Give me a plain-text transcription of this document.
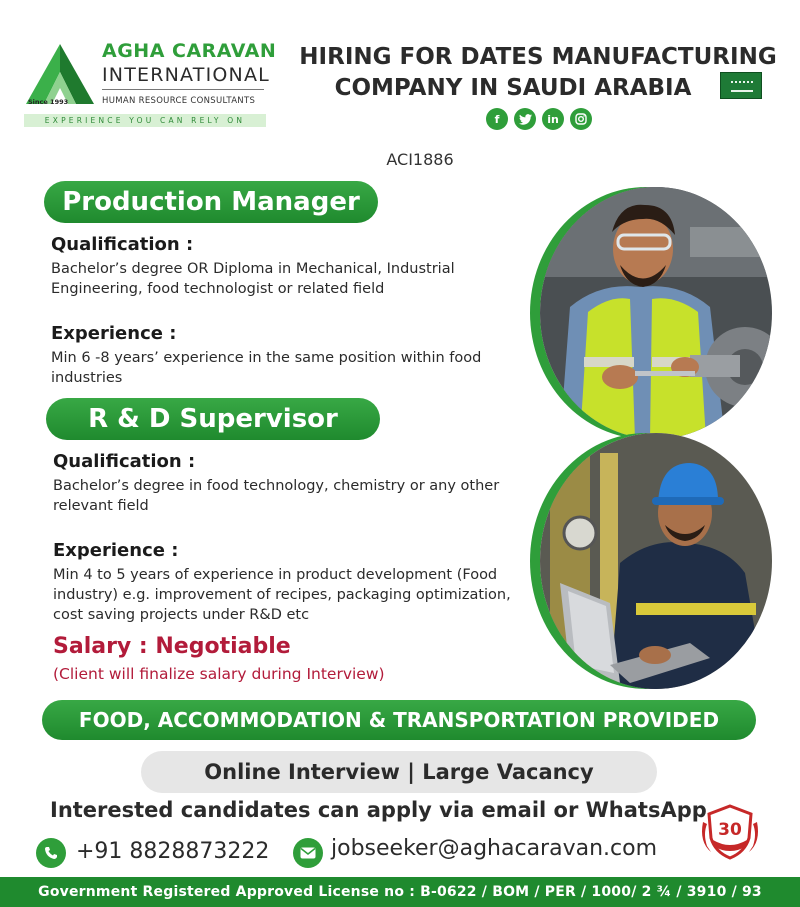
AGHA CARAVAN
INTERNATIONAL
HUMAN RESOURCE CONSULTANTS
Since 1993
EXPERIENCE YOU CAN RELY ON
HIRING FOR DATES MANUFACTURING
COMPANY IN SAUDI ARABIA
f	in
ACI1886
Production Manager
Qualification :
Bachelor’s degree OR Diploma in Mechanical, Industrial Engineering, food technologist or related field
Experience :
Min 6 -8 years’ experience in the same position within food industries
R & D Supervisor
Qualification :
Bachelor’s degree in food technology, chemistry or any other relevant field
Experience :
Min 4 to 5 years of experience in product development (Food industry) e.g. improvement of recipes, packaging optimization, cost saving projects under R&D etc
Salary : Negotiable
(Client will finalize salary during Interview)
FOOD, ACCOMMODATION & TRANSPORTATION PROVIDED
Online Interview | Large Vacancy
Interested candidates can apply via email or WhatsApp
+91 8828873222	jobseeker@aghacaravan.com
30
Government Registered Approved License no : B-0622 / BOM / PER / 1000/ 2 ¾ / 3910 / 93
